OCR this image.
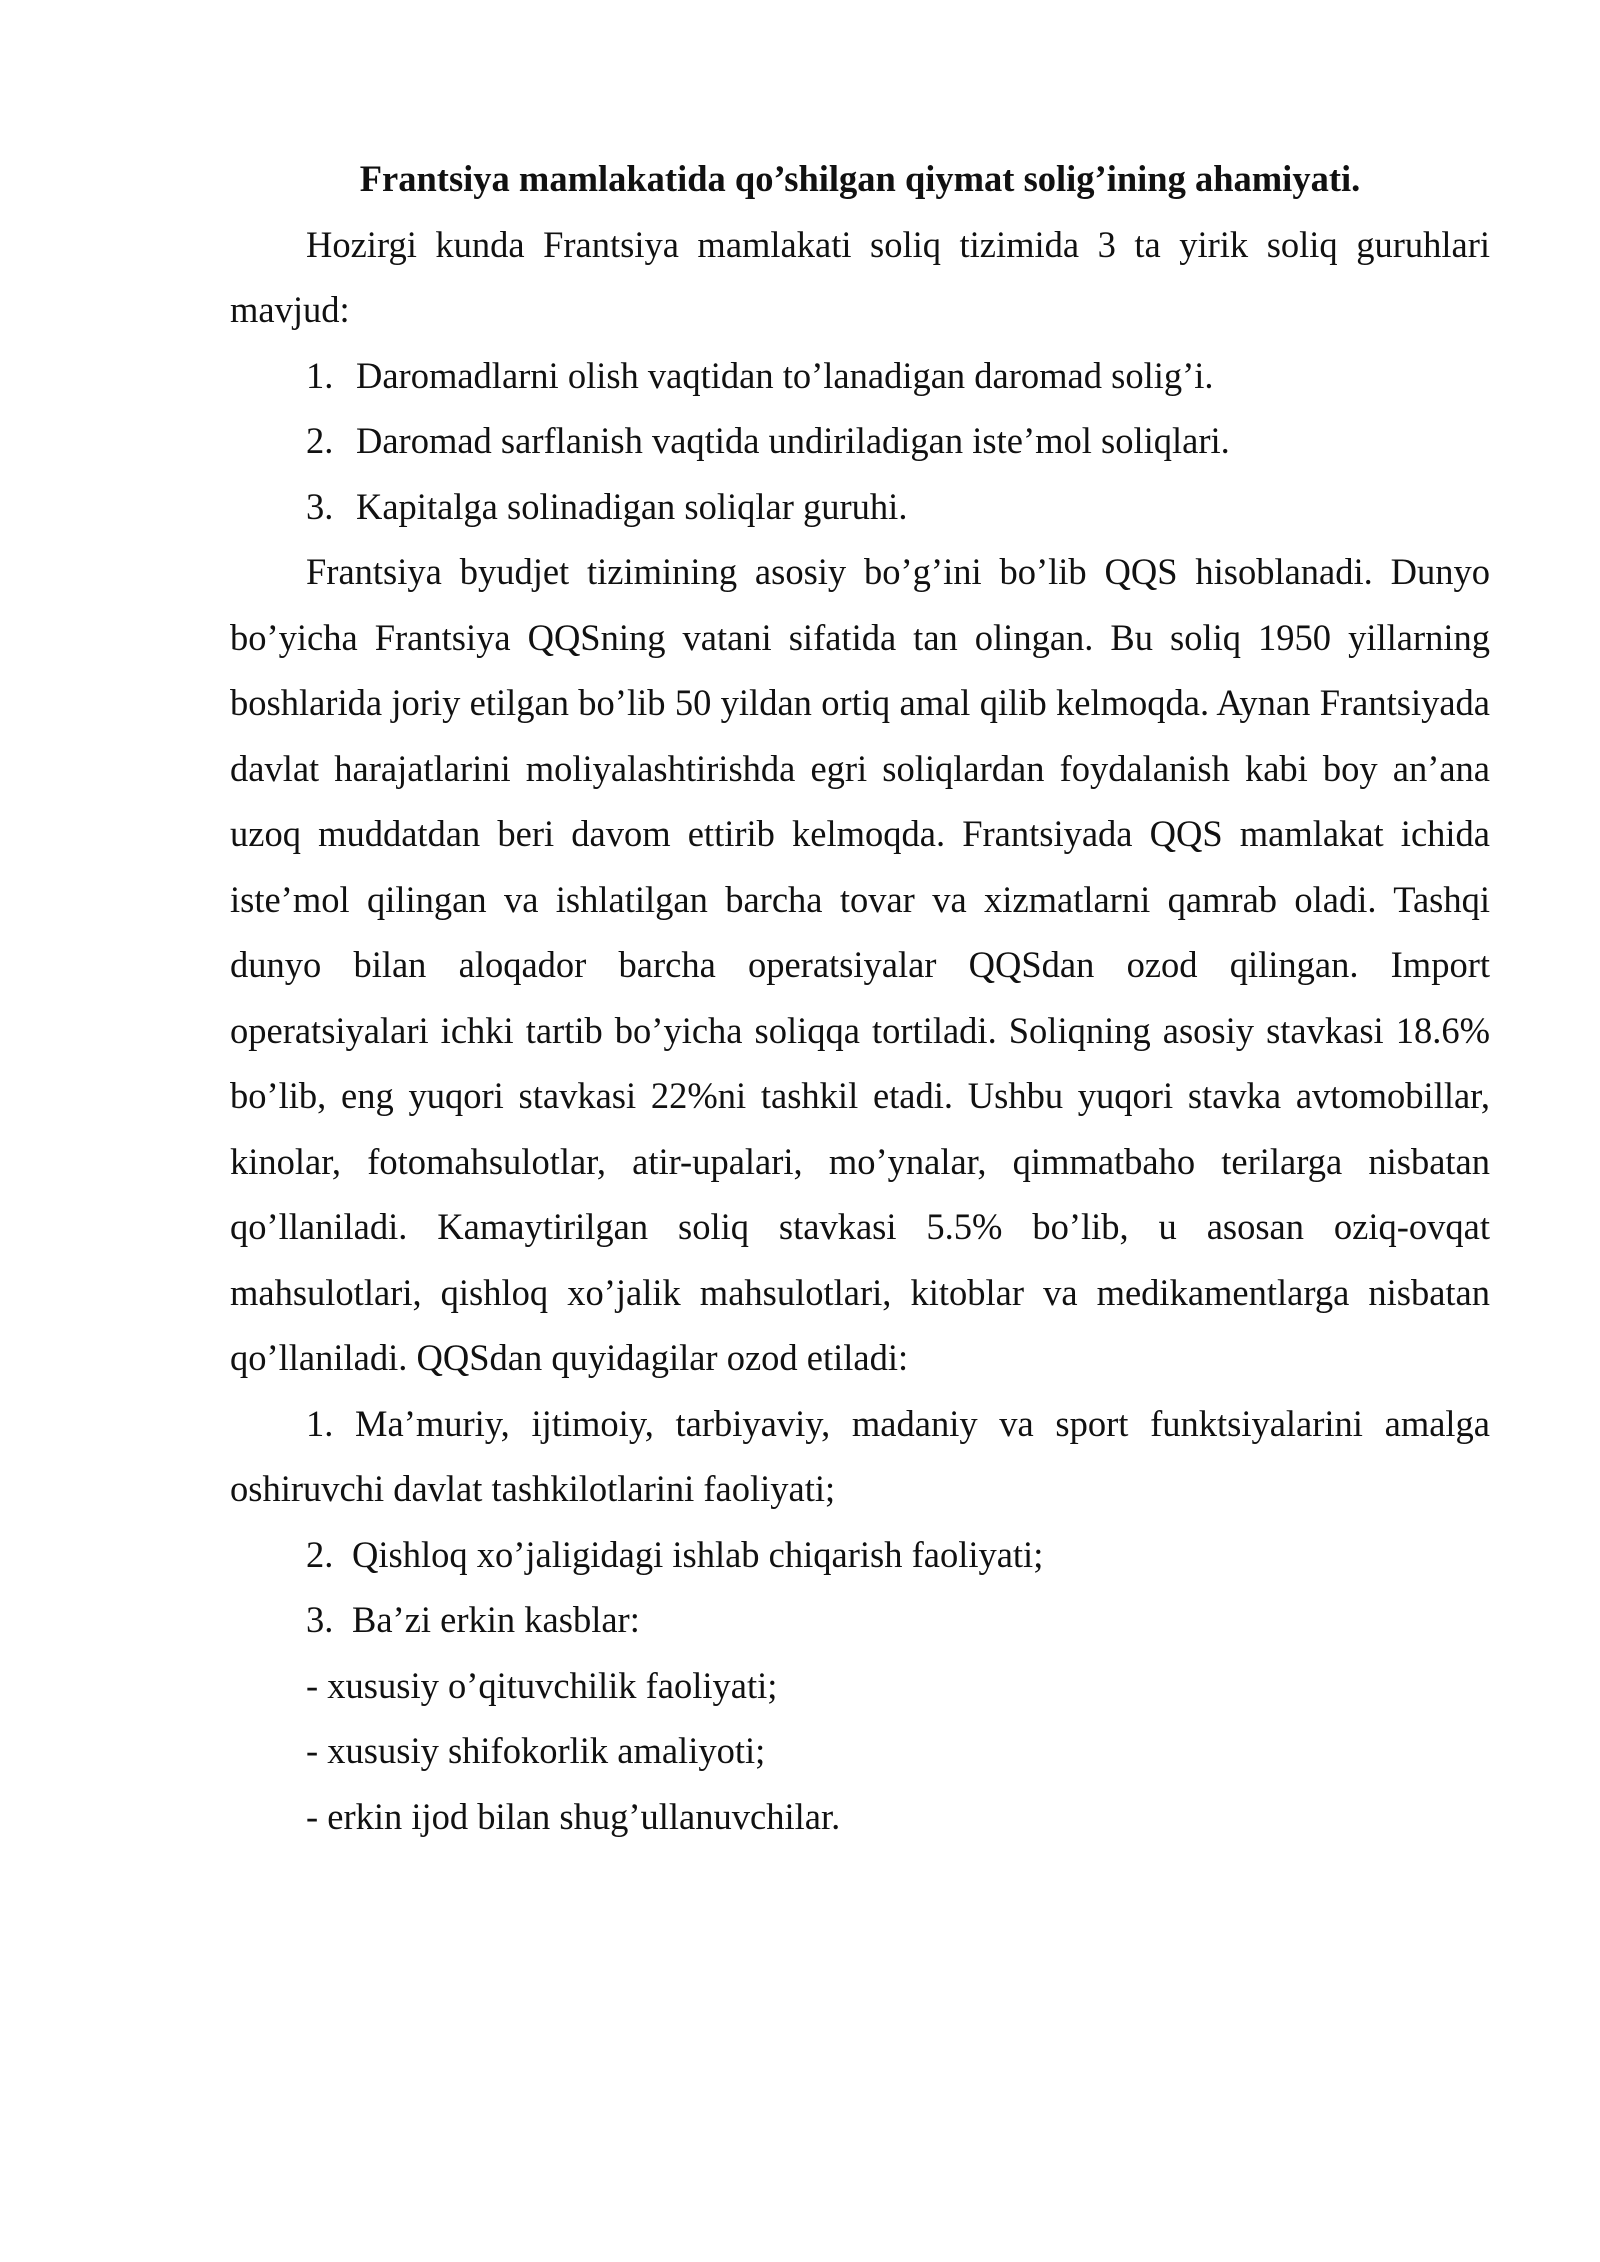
Frantsiya mamlakatida qo’shilgan qiymat solig’ining ahamiyati.

Hozirgi kunda Frantsiya mamlakati soliq tizimida 3 ta yirik soliq guruhlari mavjud:

1. Daromadlarni olish vaqtidan to’lanadigan daromad solig’i.

2. Daromad sarflanish vaqtida undiriladigan iste’mol soliqlari.

3. Kapitalga solinadigan soliqlar guruhi.

Frantsiya byudjet tizimining asosiy bo’g’ini bo’lib QQS hisoblanadi. Dunyo bo’yicha Frantsiya QQSning vatani sifatida tan olingan. Bu soliq 1950 yillarning boshlarida joriy etilgan bo’lib 50 yildan ortiq amal qilib kelmoqda. Aynan Frantsiyada davlat harajatlarini moliyalashtirishda egri soliqlardan foydalanish kabi boy an’ana uzoq muddatdan beri davom ettirib kelmoqda. Frantsiyada QQS mamlakat ichida iste’mol qilingan va ishlatilgan barcha tovar va xizmatlarni qamrab oladi. Tashqi dunyo bilan aloqador barcha operatsiyalar QQSdan ozod qilingan. Import operatsiyalari ichki tartib bo’yicha soliqqa tortiladi. Soliqning asosiy stavkasi 18.6% bo’lib, eng yuqori stavkasi 22%ni tashkil etadi. Ushbu yuqori stavka avtomobillar, kinolar, fotomahsulotlar, atir-upalari, mo’ynalar, qimmatbaho terilarga nisbatan qo’llaniladi. Kamaytirilgan soliq stavkasi 5.5% bo’lib, u asosan oziq-ovqat mahsulotlari, qishloq xo’jalik mahsulotlari, kitoblar va medikamentlarga nisbatan qo’llaniladi. QQSdan quyidagilar ozod etiladi:

1. Ma’muriy, ijtimoiy, tarbiyaviy, madaniy va sport funktsiyalarini amalga oshiruvchi davlat tashkilotlarini faoliyati;

2. Qishloq xo’jaligidagi ishlab chiqarish faoliyati;

3. Ba’zi erkin kasblar:

- xususiy o’qituvchilik faoliyati;

- xususiy shifokorlik amaliyoti;

- erkin ijod bilan shug’ullanuvchilar.
